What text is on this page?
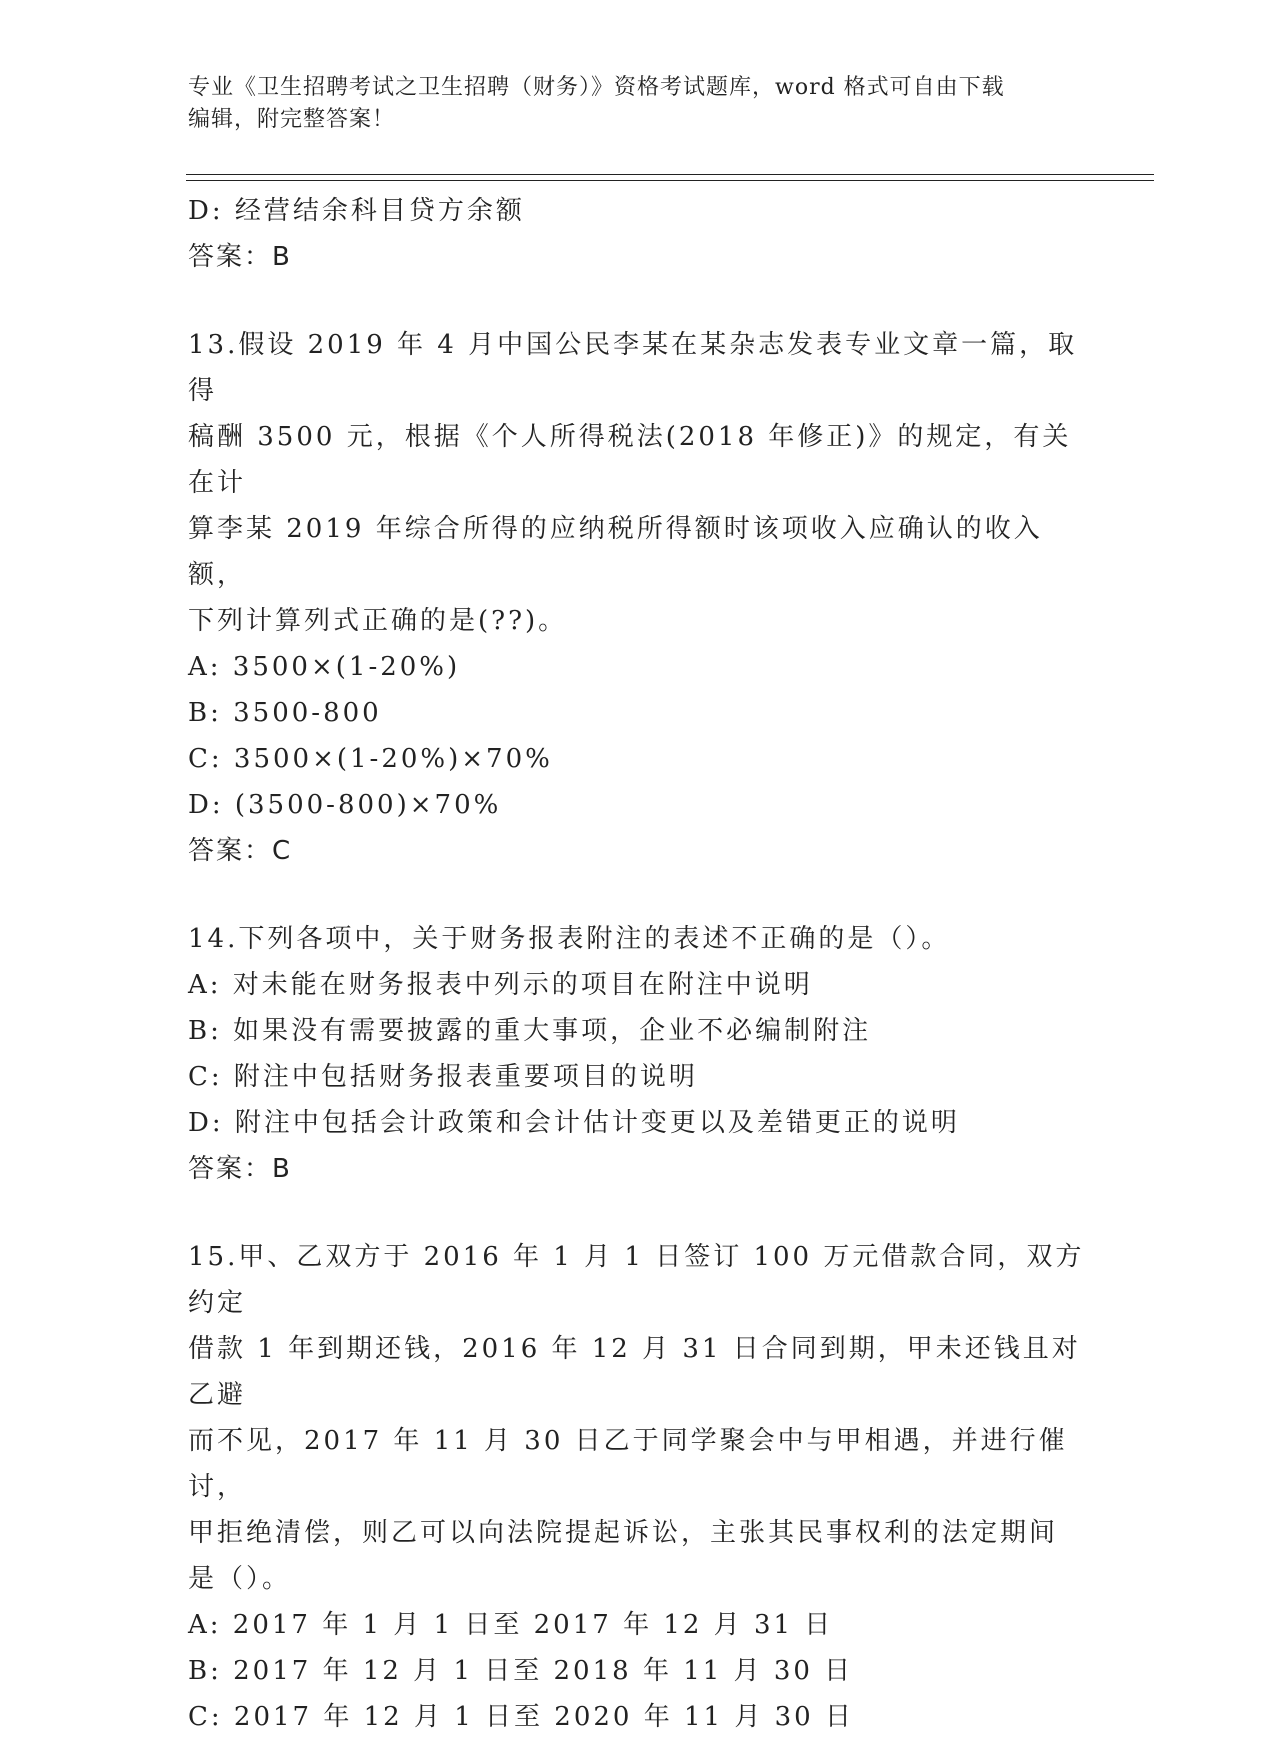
专业《卫生招聘考试之卫生招聘（财务）》资格考试题库，word 格式可自由下载
编辑，附完整答案！
D: 经营结余科目贷方余额
答案：B
13.假设 2019 年 4 月中国公民李某在某杂志发表专业文章一篇，取得
稿酬 3500 元，根据《个人所得税法(2018 年修正)》的规定，有关在计
算李某 2019 年综合所得的应纳税所得额时该项收入应确认的收入额，
下列计算列式正确的是(??)。
A: 3500×(1-20%)
B: 3500-800
C: 3500×(1-20%)×70%
D: (3500-800)×70%
答案：C
14.下列各项中，关于财务报表附注的表述不正确的是（）。
A: 对未能在财务报表中列示的项目在附注中说明
B: 如果没有需要披露的重大事项，企业不必编制附注
C: 附注中包括财务报表重要项目的说明
D: 附注中包括会计政策和会计估计变更以及差错更正的说明
答案：B
15.甲、乙双方于 2016 年 1 月 1 日签订 100 万元借款合同，双方约定
借款 1 年到期还钱，2016 年 12 月 31 日合同到期，甲未还钱且对乙避
而不见，2017 年 11 月 30 日乙于同学聚会中与甲相遇，并进行催讨，
甲拒绝清偿，则乙可以向法院提起诉讼，主张其民事权利的法定期间
是（）。
A: 2017 年 1 月 1 日至 2017 年 12 月 31 日
B: 2017 年 12 月 1 日至 2018 年 11 月 30 日
C: 2017 年 12 月 1 日至 2020 年 11 月 30 日
